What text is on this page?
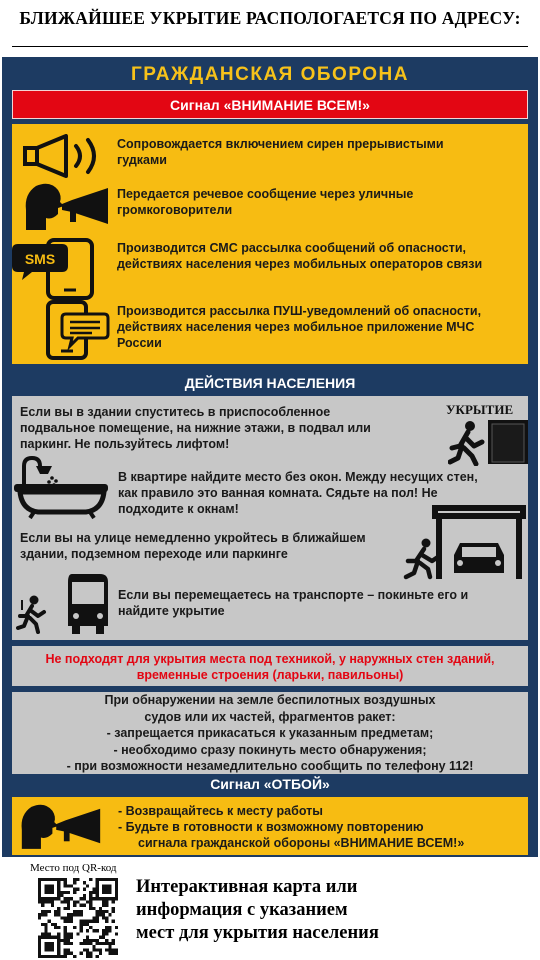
БЛИЖАЙШЕЕ УКРЫТИЕ РАСПОЛОГАЕТСЯ ПО АДРЕСУ:
ГРАЖДАНСКАЯ ОБОРОНА
Сигнал «ВНИМАНИЕ ВСЕМ!»
Сопровождается включением сирен прерывистыми
гудками
Передается речевое сообщение через уличные
громкоговорители
SMS
Производится СМС рассылка сообщений об опасности,
действиях населения через мобильных операторов связи
Производится рассылка ПУШ-уведомлений об опасности,
действиях населения через мобильное приложение МЧС
России
ДЕЙСТВИЯ НАСЕЛЕНИЯ
Если вы в здании спуститесь в приспособленное
подвальное помещение, на нижние этажи, в подвал или
паркинг. Не пользуйтесь лифтом!
УКРЫТИЕ
В квартире найдите место без окон. Между несущих стен,
как правило это ванная комната. Сядьте на пол! Не
подходите к окнам!
Если вы на улице немедленно укройтесь в ближайшем
здании, подземном переходе или паркинге
Если вы перемещаетесь на транспорте – покиньте его и
найдите укрытие
Не подходят для укрытия места под техникой, у наружных стен зданий,
временные строения (ларьки, павильоны)
При обнаружении на земле беспилотных воздушных
судов или их частей, фрагментов ракет:
- запрещается прикасаться к указанным предметам;
- необходимо сразу покинуть место обнаружения;
- при возможности незамедлительно сообщить по телефону 112!
Сигнал «ОТБОЙ»
- Возвращайтесь к месту работы
- Будьте в готовности к возможному повторению
сигнала гражданской обороны «ВНИМАНИЕ ВСЕМ!»
Место под QR-код
Интерактивная карта или
информация с указанием
мест для укрытия населения
